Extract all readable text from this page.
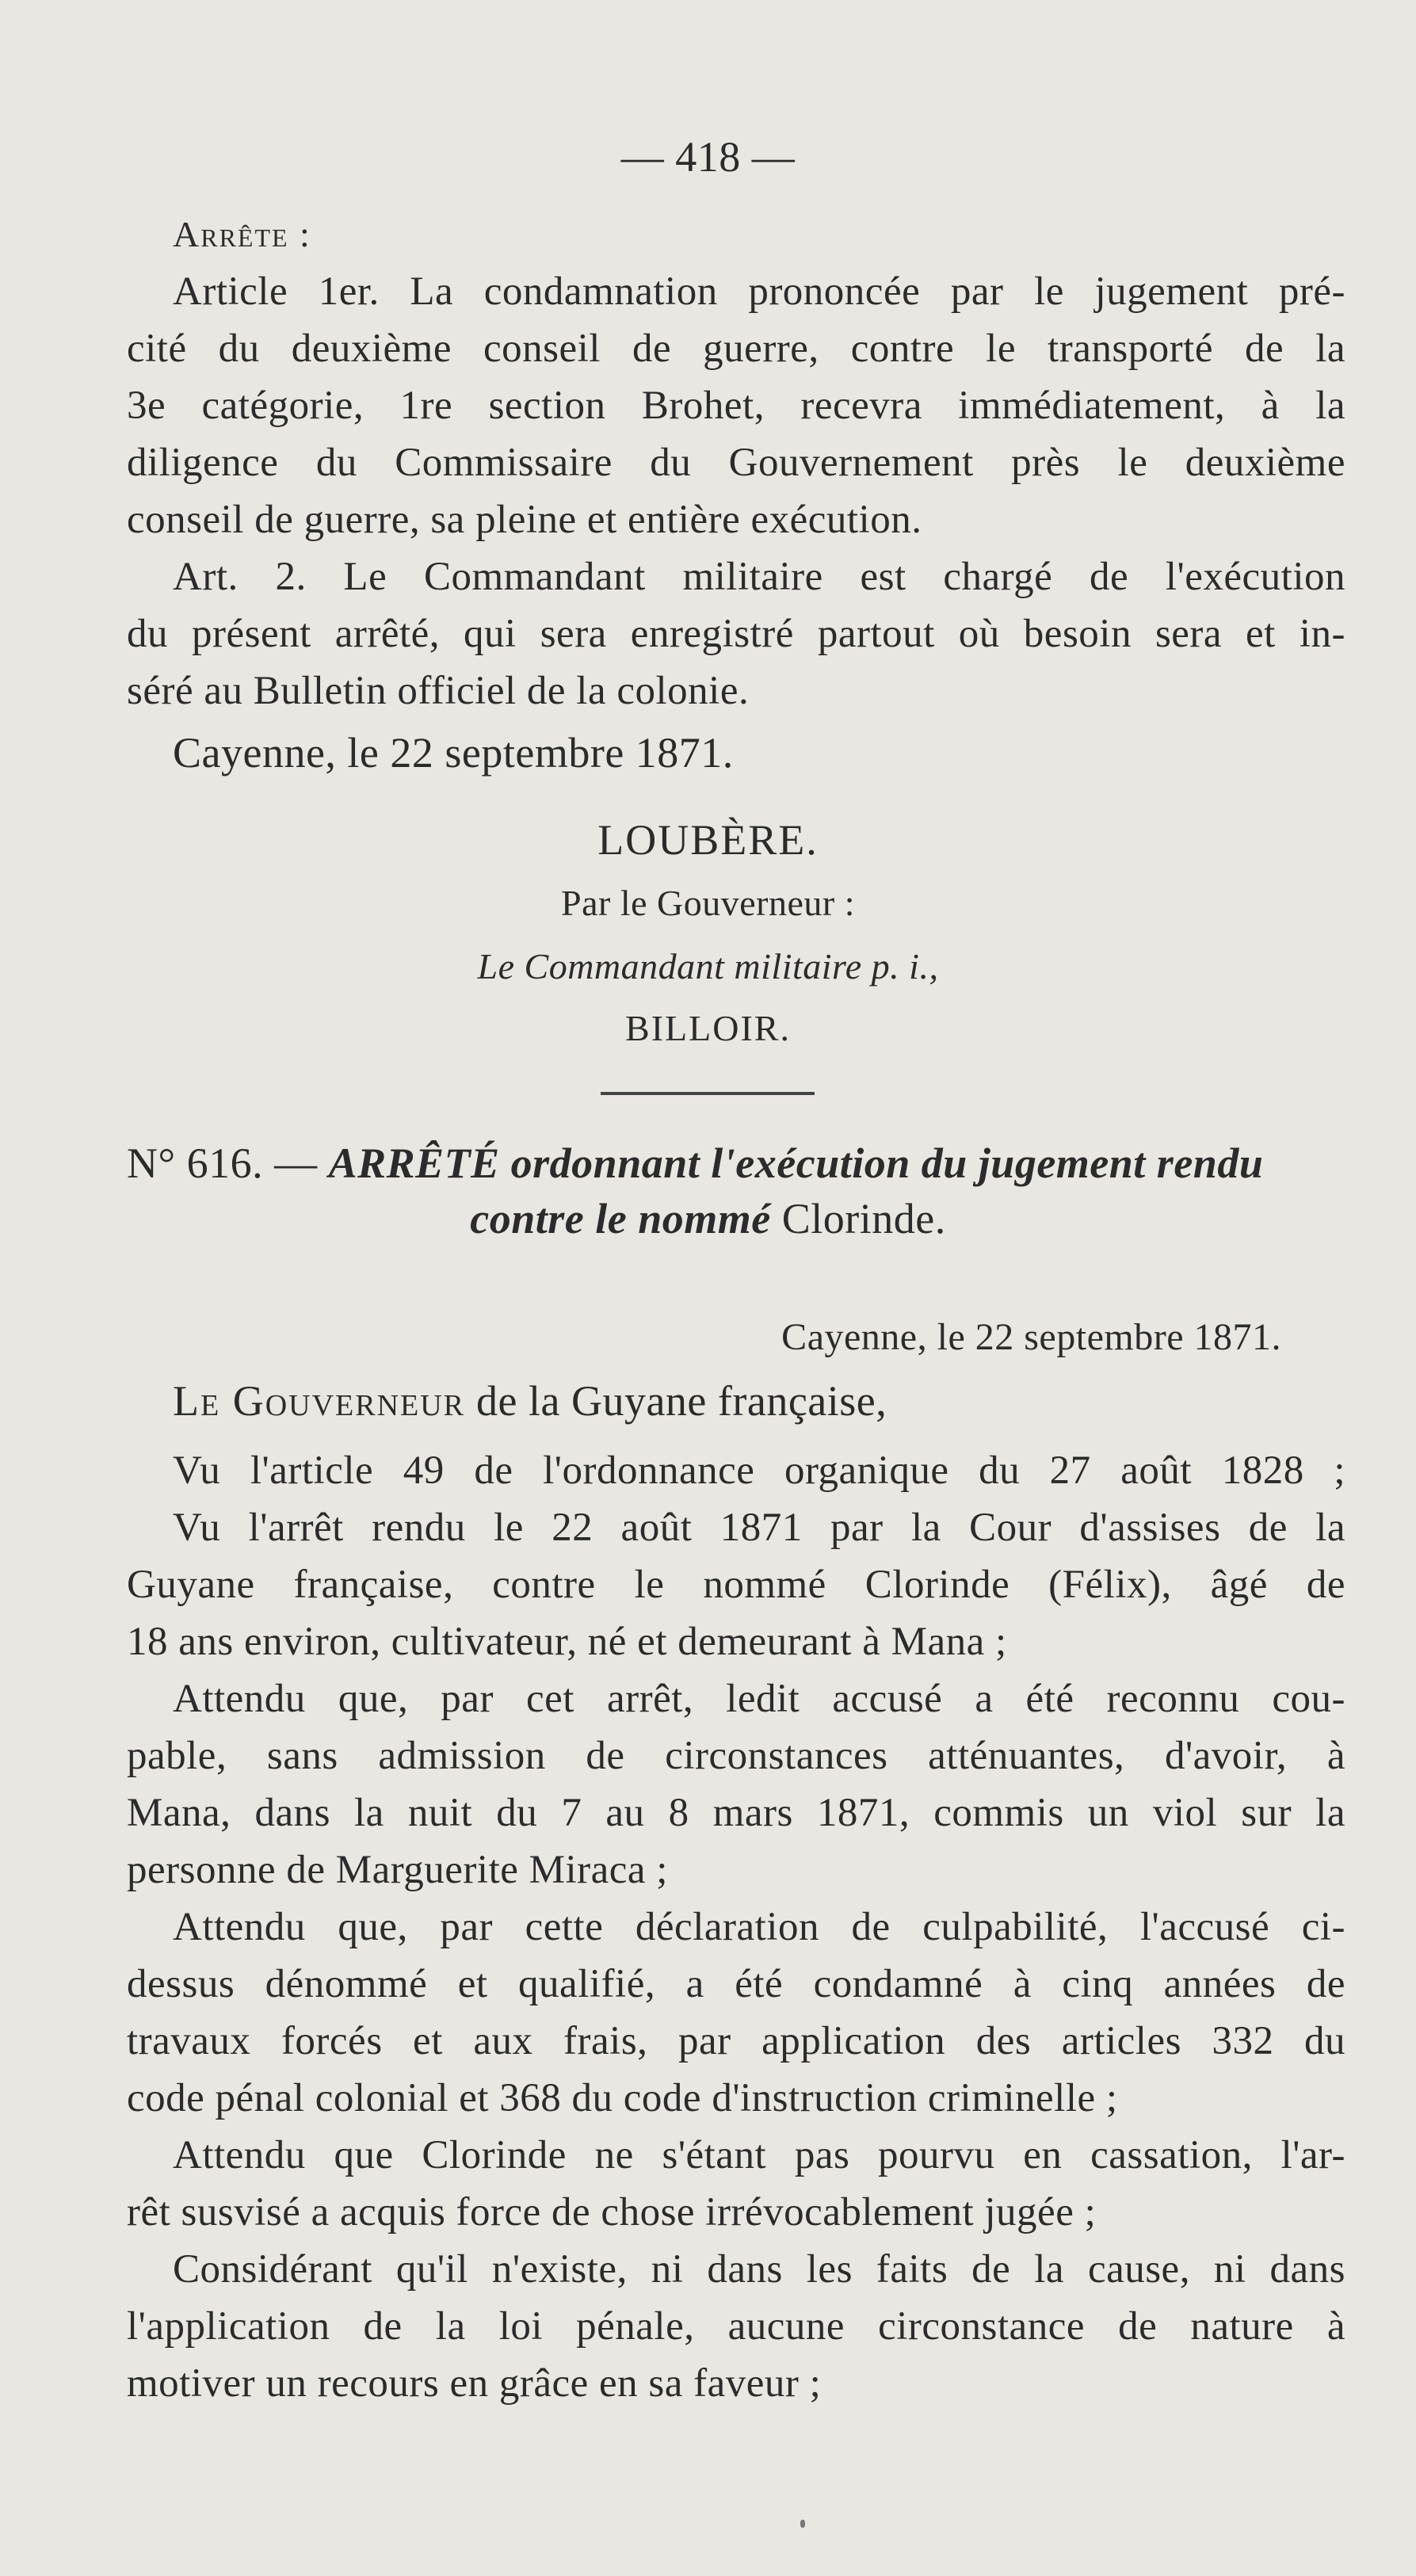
— 418 —
Arrête :
Article 1er. La condamnation prononcée par le jugement pré-
cité du deuxième conseil de guerre, contre le transporté de la
3e catégorie, 1re section Brohet, recevra immédiatement, à la
diligence du Commissaire du Gouvernement près le deuxième
conseil de guerre, sa pleine et entière exécution.
Art. 2. Le Commandant militaire est chargé de l'exécution
du présent arrêté, qui sera enregistré partout où besoin sera et in-
séré au Bulletin officiel de la colonie.
Cayenne, le 22 septembre 1871.
LOUBÈRE.
Par le Gouverneur :
Le Commandant militaire p. i.,
BILLOIR.
N° 616. — ARRÊTÉ ordonnant l'exécution du jugement rendu
contre le nommé Clorinde.
Cayenne, le 22 septembre 1871.
Le Gouverneur de la Guyane française,
Vu l'article 49 de l'ordonnance organique du 27 août 1828 ;
Vu l'arrêt rendu le 22 août 1871 par la Cour d'assises de la
Guyane française, contre le nommé Clorinde (Félix), âgé de
18 ans environ, cultivateur, né et demeurant à Mana ;
Attendu que, par cet arrêt, ledit accusé a été reconnu cou-
pable, sans admission de circonstances atténuantes, d'avoir, à
Mana, dans la nuit du 7 au 8 mars 1871, commis un viol sur la
personne de Marguerite Miraca ;
Attendu que, par cette déclaration de culpabilité, l'accusé ci-
dessus dénommé et qualifié, a été condamné à cinq années de
travaux forcés et aux frais, par application des articles 332 du
code pénal colonial et 368 du code d'instruction criminelle ;
Attendu que Clorinde ne s'étant pas pourvu en cassation, l'ar-
rêt susvisé a acquis force de chose irrévocablement jugée ;
Considérant qu'il n'existe, ni dans les faits de la cause, ni dans
l'application de la loi pénale, aucune circonstance de nature à
motiver un recours en grâce en sa faveur ;
